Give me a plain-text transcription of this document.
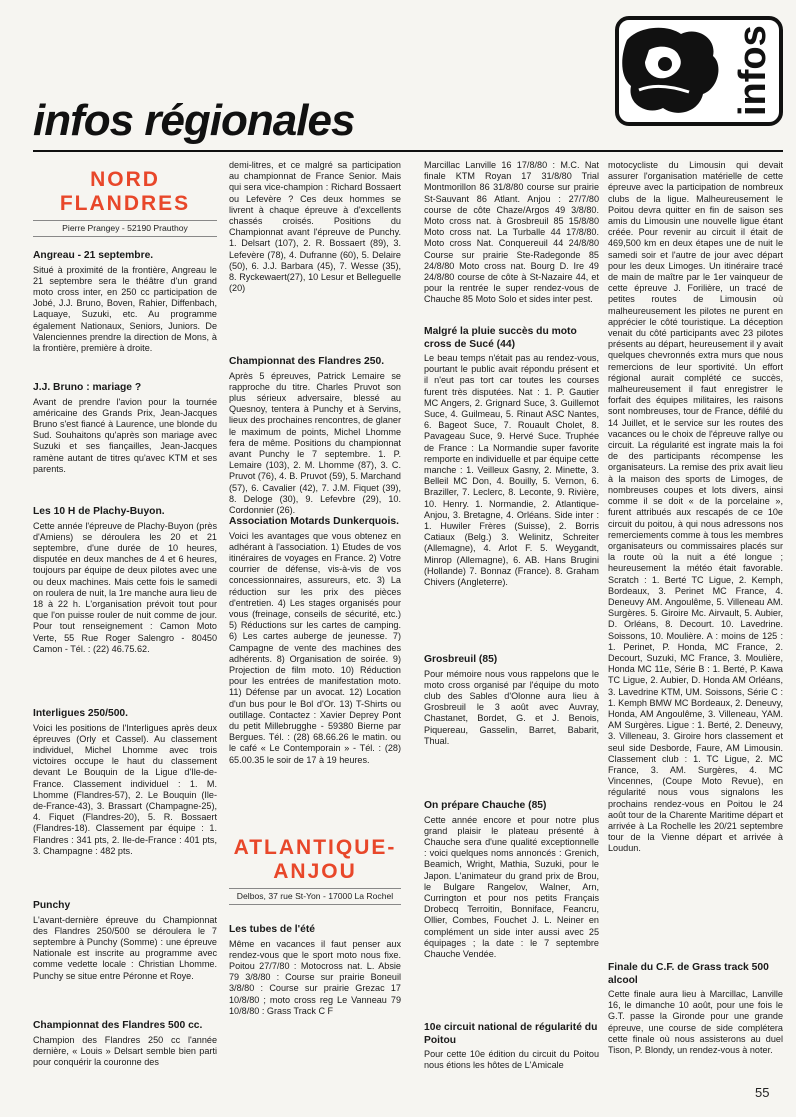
infos régionales
infos
NORD
FLANDRES
Pierre Prangey - 52190 Prauthoy
Angreau - 21 septembre.

Situé à proximité de la frontière, Angreau le 21 septembre sera le théâtre d'un grand moto cross inter, en 250 cc participation de Jobé, J.J. Bruno, Boven, Rahier, Diffenbach, Laquaye, Suzuki, etc. Au programme également Nationaux, Seniors, Juniors. De Valenciennes prendre la direction de Mons, à la frontière, première à droite.

J.J. Bruno : mariage ?

Avant de prendre l'avion pour la tournée américaine des Grands Prix, Jean-Jacques Bruno s'est fiancé à Laurence, une blonde du Sud. Souhaitons qu'après son mariage avec Suzuki et ses fiançailles, Jean-Jacques ramène autant de titres qu'avec KTM et ses parents.

Les 10 H de Plachy-Buyon.

Cette année l'épreuve de Plachy-Buyon (près d'Amiens) se déroulera les 20 et 21 septembre, d'une durée de 10 heures, disputée en deux manches de 4 et 6 heures, toujours par équipe de deux pilotes avec une ou deux machines. Mais cette fois le samedi on roulera de nuit, la 1re manche aura lieu de 18 à 22 h. L'organisation prévoit tout pour que l'on puisse rouler de nuit comme de jour. Pour tout renseignement : Camon Moto Verte, 55 Rue Roger Salengro - 80450 Camon - Tél. : (22) 46.75.62.

Interligues 250/500.

Voici les positions de l'Interligues après deux épreuves (Orly et Cassel). Au classement individuel, Michel Lhomme avec trois victoires occupe le haut du classement devant Le Bouquin de la Ligue d'Ile-de-France. Classement individuel : 1. M. Lhomme (Flandres-57), 2. Le Bouquin (Ile-de-France-43), 3. Brassart (Champagne-25), 4. Fiquet (Flandres-20), 5. R. Bossaert (Flandres-18). Classement par équipe : 1. Flandres : 341 pts, 2. Ile-de-France : 401 pts, 3. Champagne : 482 pts.

Punchy

L'avant-dernière épreuve du Championnat des Flandres 250/500 se déroulera le 7 septembre à Punchy (Somme) : une épreuve Nationale est inscrite au programme avec comme vedette locale : Christian Lhomme. Punchy se situe entre Péronne et Roye.

Championnat des Flandres 500 cc.

Champion des Flandres 250 cc l'année dernière, « Louis » Delsart semble bien parti pour conquérir la couronne des

demi-litres, et ce malgré sa participation au championnat de France Senior. Mais qui sera vice-champion : Richard Bossaert ou Lefevère ? Ces deux hommes se livrent à chaque épreuve à d'excellents chassés croisés. Positions du Championnat avant l'épreuve de Punchy. 1. Delsart (107), 2. R. Bossaert (89), 3. Lefevère (78), 4. Dufranne (60), 5. Delaire (50), 6. J.J. Barbara (45), 7. Wesse (35), 8. Ryckewaert(27), 10 Lesur et Belleguelle (20)

Championnat des Flandres 250.

Après 5 épreuves, Patrick Lemaire se rapproche du titre. Charles Pruvot son plus sérieux adversaire, blessé au Quesnoy, tentera à Punchy et à Servins, lieux des prochaines rencontres, de glaner le maximum de points, Michel Lhomme fera de même. Positions du championnat avant Punchy le 7 septembre. 1. P. Lemaire (103), 2. M. Lhomme (87), 3. C. Pruvot (76), 4. B. Pruvot (59), 5. Marchand (57), 6. Cavalier (42), 7. J.M. Fiquet (39), 8. Deloge (30), 9. Lefevbre (29), 10. Cordonnier (26).

Association Motards Dunkerquois.

Voici les avantages que vous obtenez en adhérant à l'association. 1) Etudes de vos itinéraires de voyages en France. 2) Votre courrier de défense, vis-à-vis de vos concessionnaires, assureurs, etc. 3) La réduction sur les prix des pièces d'entretien. 4) Les stages organisés pour vous (freinage, conseils de sécurité, etc.) 5) Réductions sur les cartes de camping. 6) Les cartes auberge de jeunesse. 7) Campagne de vente des machines des adhérents. 8) Organisation de soirée. 9) Projection de film moto. 10) Réduction pour les entrées de manifestation moto. 11) Défense par un avocat. 12) Location d'un bus pour le Bol d'Or. 13) T-Shirts ou outillage. Contactez : Xavier Deprey Pont du petit Millebrugghe - 59380 Bierne par Bergues. Tél. : (28) 68.66.26 le matin. ou le café « Le Contemporain » - Tél. : (28) 65.00.35 le soir de 17 à 19 heures.

ATLANTIQUE-
ANJOU
Delbos, 37 rue St-Yon - 17000 La Rochel
Les tubes de l'été

Même en vacances il faut penser aux rendez-vous que le sport moto nous fixe. Poitou 27/7/80 : Motocross nat. L. Absie 79 3/8/80 : Course sur prairie Boneuil 3/8/80 : Course sur prairie Grezac 17 10/8/80 ; moto cross reg Le Vanneau 79 10/8/80 : Grass Track C F

Marcillac Lanville 16 17/8/80 : M.C. Nat finale KTM Royan 17 31/8/80 Trial Montmorillon 86 31/8/80 course sur prairie St-Sauvant 86 Atlant. Anjou : 27/7/80 course de côte Chaze/Argos 49 3/8/80. Moto cross nat. à Grosbreuil 85 15/8/80 Moto cross nat. La Turballe 44 17/8/80. Moto cross Nat. Conquereuil 44 24/8/80 Course sur prairie Ste-Radegonde 85 24/8/80 Moto cross nat. Bourg D. Ire 49 24/8/80 course de côte à St-Nazaire 44, et pour la rentrée le super rendez-vous de Chauche 85 Moto Solo et sides inter pest.

Malgré la pluie succès du moto cross de Sucé (44)

Le beau temps n'était pas au rendez-vous, pourtant le public avait répondu présent et il n'eut pas tort car toutes les courses furent très disputées. Nat : 1. P. Gautier MC Angers, 2. Grignard Suce, 3. Guillemot Suce, 4. Guilmeau, 5. Rinaut ASC Nantes, 6. Bageot Suce, 7. Rouault Cholet, 8. Pavageau Suce, 9. Hervé Suce. Truphée de France : La Normandie super favorite remporte en individuelle et par équipe cette manche : 1. Veilleux Gasny, 2. Minette, 3. Belleil MC Don, 4. Bouilly, 5. Vernon, 6. Braziller, 7. Leclerc, 8. Leconte, 9. Rivière, 10. Henry. 1. Normandie, 2. Atlantique-Anjou, 3. Bretagne, 4. Orléans. Side inter : 1. Huwiler Frères (Suisse), 2. Borris Catiaux (Belg.) 3. Welinitz, Schreiter (Allemagne), 4. Arlot F. 5. Weygandt, Minrop (Allemagne), 6. AB. Hans Brugini (Hollande) 7. Bonnaz (France). 8. Graham Chivers (Angleterre).

Grosbreuil (85)

Pour mémoire nous vous rappelons que le moto cross organisé par l'équipe du moto club des Sables d'Olonne aura lieu à Grosbreuil le 3 août avec Auvray, Chastanet, Bordet, G. et J. Benois, Piquereau, Gasselin, Barret, Babarit, Thual.

On prépare Chauche (85)

Cette année encore et pour notre plus grand plaisir le plateau présenté à Chauche sera d'une qualité exceptionnelle : voici quelques noms annoncés : Grenich, Beamich, Wright, Mathia, Suzuki, pour le Japon. L'animateur du grand prix de Brou, le Bulgare Rangelov, Walner, Arn, Currington et pour nos petits Français Drobecq Terroitin, Bonniface, Feancru, Ollier, Combes, Fouchet J. L. Neiner en complément un side inter aussi avec 25 équipages ; la date : le 7 septembre Chauche Vendée.

10e circuit national de régularité du Poitou

Pour cette 10e édition du circuit du Poitou nous étions les hôtes de L'Amicale

motocycliste du Limousin qui devait assurer l'organisation matérielle de cette épreuve avec la participation de nombreux clubs de la ligue. Malheureusement le Poitou devra quitter en fin de saison ses amis du Limousin une nouvelle ligue étant créée. Pour revenir au circuit il était de 469,500 km en deux étapes une de nuit le samedi soir et l'autre de jour avec départ pour les deux Limoges. Un itinéraire tracé de main de maître par le 1er vainqueur de cette épreuve J. Forilière, un tracé de petites routes de Limousin où malheureusement les pilotes ne purent en apprécier le côté touristique. La déception venait du côté participants avec 23 pilotes présents au départ, heureusement il y avait quelques chevronnés extra murs que nous remercions de leur sportivité. Un effort régional aurait complété ce succès, malheureusement il faut enregistrer le forfait des équipes militaires, les raisons sont nombreuses, tour de France, défilé du 14 Juillet, et le service sur les routes des vacances ou le choix de l'épreuve rallye ou circuit. La régularité est ingrate mais la foi de des participants récompense les organisateurs. La remise des prix avait lieu à la maison des sports de Limoges, de nombreuses coupes et lots divers, ainsi comme il se doit « de la porcelaine », furent attribués aux rescapés de ce 10e circuit du poitou, à qui nous adressons nos remerciements comme à tous les membres organisateurs ou commissaires placés sur la route où la nuit a été longue ; heureusement la météo était favorable. Scratch : 1. Berté TC Ligue, 2. Kemph, Bordeaux, 3. Perinet MC France, 4. Deneuvy AM. Angoulême, 5. Villeneau AM. Surgères. 5. Giroire Mc. Airvault, 5. Aubier, D. Orléans, 8. Decourt. 10. Lavedrine. Soissons, 10. Moulière. A : moins de 125 : 1. Perinet, P. Honda, MC France, 2. Decourt, Suzuki, MC France, 3. Moulière, Honda MC 11e, Série B : 1. Berté, P. Kawa TC Ligue, 2. Aubier, D. Honda AM Orléans, 3. Lavedrine KTM, UM. Soissons, Série C : 1. Kemph BMW MC Bordeaux, 2. Deneuvy, Honda, AM Angoulême, 3. Villeneau, YAM. AM Surgères. Ligue : 1. Berté, 2. Deneuvy, 3. Villeneau, 3. Giroire hors classement et seul side Desborde, Faure, AM Limousin. Classement club : 1. TC Ligue, 2. MC France, 3. AM. Surgères, 4. MC Vincennes, (Coupe Moto Revue), en régularité nous vous signalons les prochains rendez-vous en Poitou le 24 août tour de la Charente Maritime départ et arrivée à La Rochelle les 20/21 septembre tour de la Vienne départ et arrivée à Loudun.

Finale du C.F. de Grass track 500 alcool

Cette finale aura lieu à Marcillac, Lanville 16, le dimanche 10 août, pour une fois le G.T. passe la Gironde pour une grande épreuve, une course de side complétera cette finale où nous assisterons au duel Tison, P. Blondy, un rendez-vous à noter.

55
